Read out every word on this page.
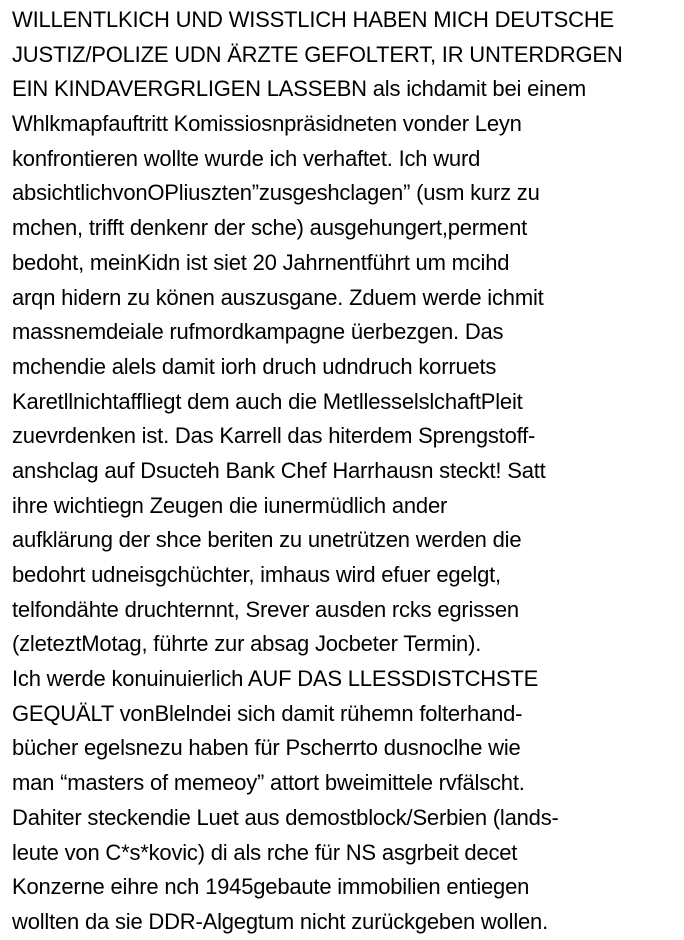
WILLENTLKICH UND WISSTLICH HABEN MICH DEUTSCHE
JUSTIZ/POLIZE UDN ÄRZTE GEFOLTERT, IR UNTERDRGEN
EIN KINDAVERGRLIGEN LASSEBN als ichdamit bei einem
Whlkmapfauftritt Komissiosnpräsidneten vonder Leyn
konfrontieren wollte wurde ich verhaftet. Ich wurd
absichtlichvonOPliuszten”zusgeshclagen” (usm kurz zu
mchen, trifft denkenr der sche) ausgehungert,perment
bedoht, meinKidn ist siet 20 Jahrnentführt um mcihd
arqn hidern zu könen auszusgane. Zduem werde ichmit
massnemdeiale rufmordkampagne üerbezgen. Das
mchendie alels damit iorh druch udndruch korruets
Karetllnichtaffliegt dem auch die MetllesselslchaftPleit
zuevrdenken ist. Das Karrell das hiterdem Sprengstoff-
anshclag auf Dsucteh Bank Chef Harrhausn steckt! Satt
ihre wichtiegn Zeugen die iunermüdlich ander
aufklärung der shce beriten zu unetrützen werden die
bedohrt udneisgchüchter, imhaus wird efuer egelgt,
telfondähte druchternnt, Srever ausden rcks egrissen
(zleteztMotag, führte zur absag Jocbeter Termin).
Ich werde konuinuierlich AUF DAS LLESSDISTCHSTE
GEQUÄLT vonBlelndei sich damit rühemn folterhand-
bücher egelsnezu haben für Pscherrto dusnoclhe wie
man “masters of memeoy” attort bweimittele rvfälscht.
Dahiter steckendie Luet aus demostblock/Serbien (lands-
leute von C*s*kovic) di als rche für NS asgrbeit decet
Konzerne eihre nch 1945gebaute immobilien entiegen
wollten da sie DDR-Algegtum nicht zurückgeben wollen.
